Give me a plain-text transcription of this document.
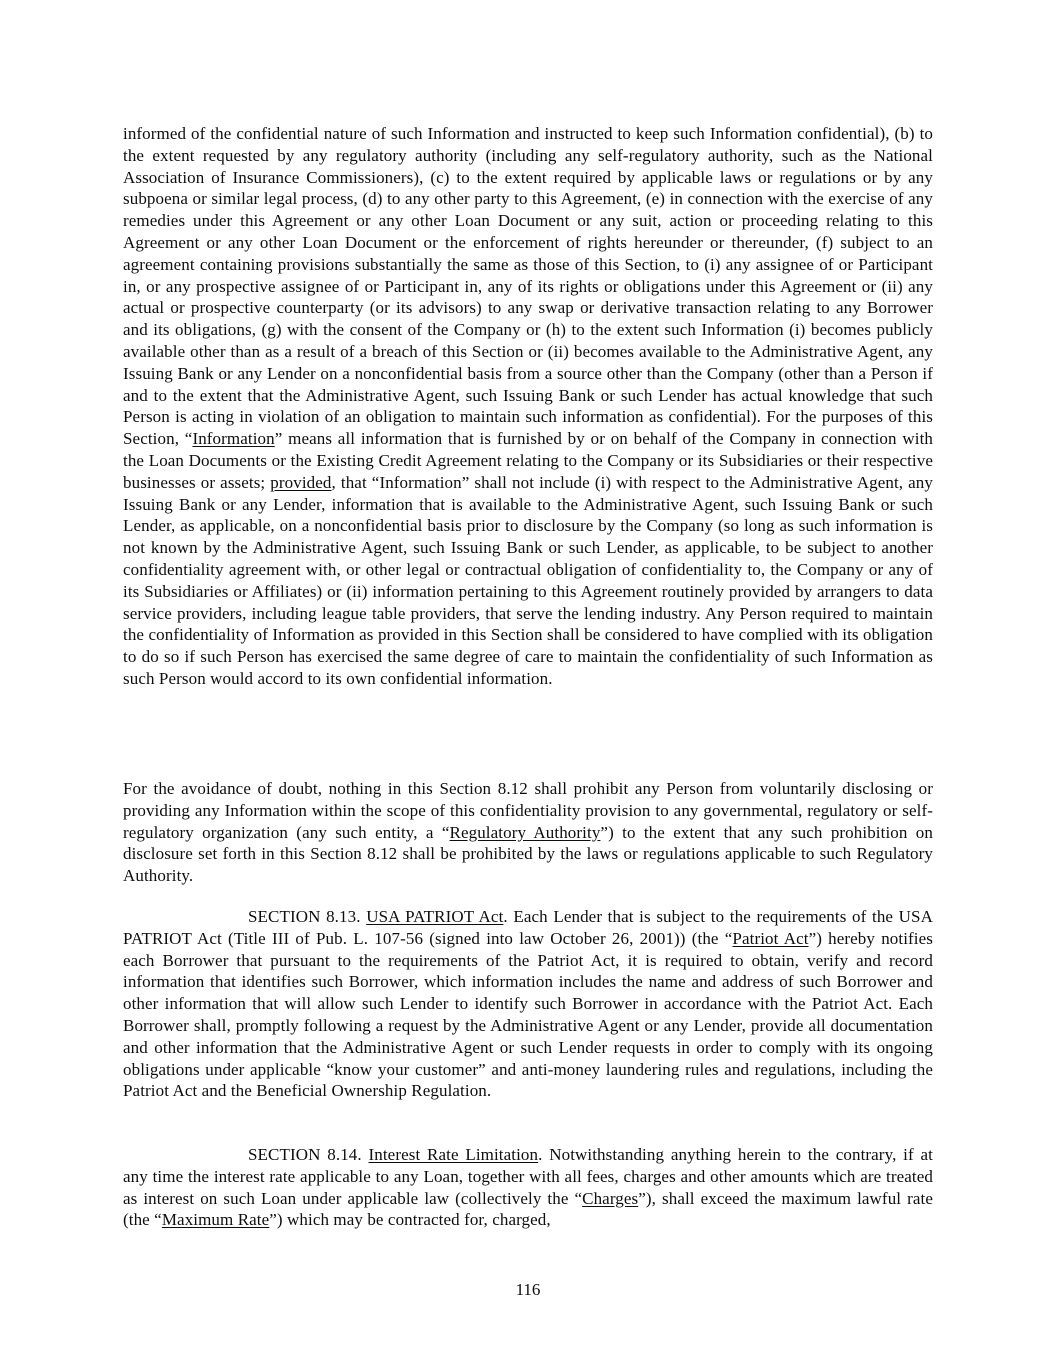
informed of the confidential nature of such Information and instructed to keep such Information confidential), (b) to the extent requested by any regulatory authority (including any self-regulatory authority, such as the National Association of Insurance Commissioners), (c) to the extent required by applicable laws or regulations or by any subpoena or similar legal process, (d) to any other party to this Agreement, (e) in connection with the exercise of any remedies under this Agreement or any other Loan Document or any suit, action or proceeding relating to this Agreement or any other Loan Document or the enforcement of rights hereunder or thereunder, (f) subject to an agreement containing provisions substantially the same as those of this Section, to (i) any assignee of or Participant in, or any prospective assignee of or Participant in, any of its rights or obligations under this Agreement or (ii) any actual or prospective counterparty (or its advisors) to any swap or derivative transaction relating to any Borrower and its obligations, (g) with the consent of the Company or (h) to the extent such Information (i) becomes publicly available other than as a result of a breach of this Section or (ii) becomes available to the Administrative Agent, any Issuing Bank or any Lender on a nonconfidential basis from a source other than the Company (other than a Person if and to the extent that the Administrative Agent, such Issuing Bank or such Lender has actual knowledge that such Person is acting in violation of an obligation to maintain such information as confidential). For the purposes of this Section, “Information” means all information that is furnished by or on behalf of the Company in connection with the Loan Documents or the Existing Credit Agreement relating to the Company or its Subsidiaries or their respective businesses or assets; provided, that “Information” shall not include (i) with respect to the Administrative Agent, any Issuing Bank or any Lender, information that is available to the Administrative Agent, such Issuing Bank or such Lender, as applicable, on a nonconfidential basis prior to disclosure by the Company (so long as such information is not known by the Administrative Agent, such Issuing Bank or such Lender, as applicable, to be subject to another confidentiality agreement with, or other legal or contractual obligation of confidentiality to, the Company or any of its Subsidiaries or Affiliates) or (ii) information pertaining to this Agreement routinely provided by arrangers to data service providers, including league table providers, that serve the lending industry. Any Person required to maintain the confidentiality of Information as provided in this Section shall be considered to have complied with its obligation to do so if such Person has exercised the same degree of care to maintain the confidentiality of such Information as such Person would accord to its own confidential information.

For the avoidance of doubt, nothing in this Section 8.12 shall prohibit any Person from voluntarily disclosing or providing any Information within the scope of this confidentiality provision to any governmental, regulatory or self-regulatory organization (any such entity, a “Regulatory Authority”) to the extent that any such prohibition on disclosure set forth in this Section 8.12 shall be prohibited by the laws or regulations applicable to such Regulatory Authority.

SECTION 8.13. USA PATRIOT Act. Each Lender that is subject to the requirements of the USA PATRIOT Act (Title III of Pub. L. 107-56 (signed into law October 26, 2001)) (the “Patriot Act”) hereby notifies each Borrower that pursuant to the requirements of the Patriot Act, it is required to obtain, verify and record information that identifies such Borrower, which information includes the name and address of such Borrower and other information that will allow such Lender to identify such Borrower in accordance with the Patriot Act. Each Borrower shall, promptly following a request by the Administrative Agent or any Lender, provide all documentation and other information that the Administrative Agent or such Lender requests in order to comply with its ongoing obligations under applicable “know your customer” and anti-money laundering rules and regulations, including the Patriot Act and the Beneficial Ownership Regulation.

SECTION 8.14. Interest Rate Limitation. Notwithstanding anything herein to the contrary, if at any time the interest rate applicable to any Loan, together with all fees, charges and other amounts which are treated as interest on such Loan under applicable law (collectively the “Charges”), shall exceed the maximum lawful rate (the “Maximum Rate”) which may be contracted for, charged,

116
